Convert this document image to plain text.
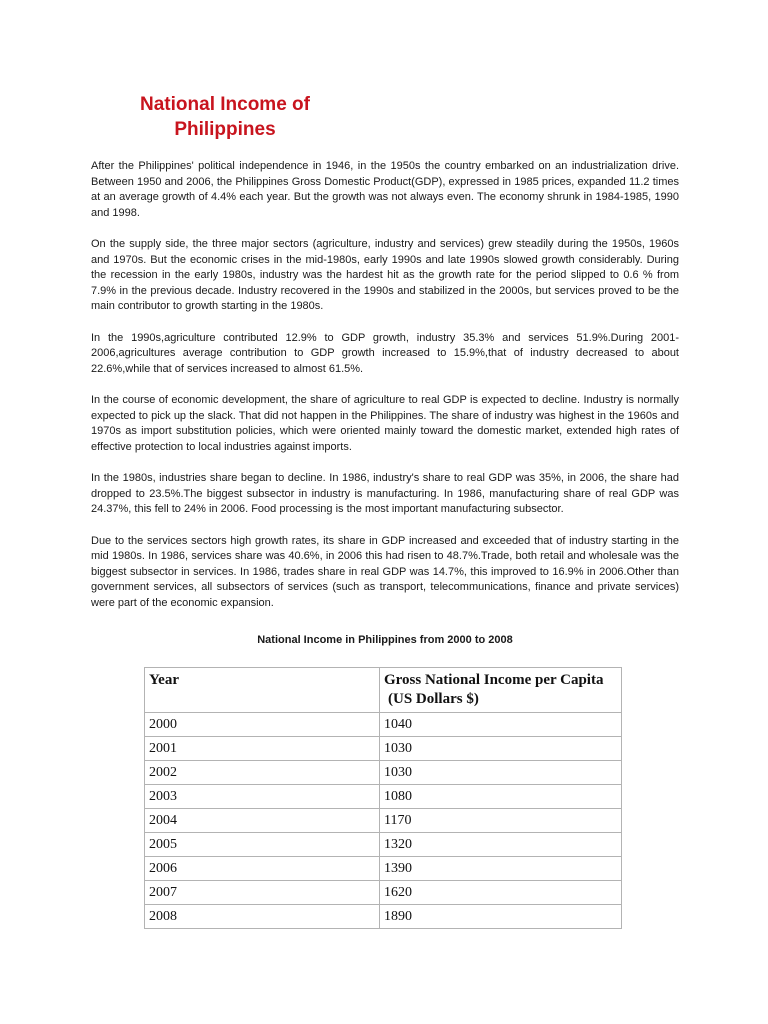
National Income of
Philippines

After the Philippines' political independence in 1946, in the 1950s the country embarked on an industrialization drive. Between 1950 and 2006, the Philippines Gross Domestic Product(GDP), expressed in 1985 prices, expanded 11.2 times at an average growth of 4.4% each year. But the growth was not always even. The economy shrunk in 1984-1985, 1990 and 1998.

On the supply side, the three major sectors (agriculture, industry and services) grew steadily during the 1950s, 1960s and 1970s. But the economic crises in the mid-1980s, early 1990s and late 1990s slowed growth considerably. During the recession in the early 1980s, industry was the hardest hit as the growth rate for the period slipped to 0.6 % from 7.9% in the previous decade. Industry recovered in the 1990s and stabilized in the 2000s, but services proved to be the main contributor to growth starting in the 1980s.

In the 1990s,agriculture contributed 12.9% to GDP growth, industry 35.3% and services 51.9%.During 2001-2006,agricultures average contribution to GDP growth increased to 15.9%,that of industry decreased to about 22.6%,while that of services increased to almost 61.5%.

In the course of economic development, the share of agriculture to real GDP is expected to decline. Industry is normally expected to pick up the slack. That did not happen in the Philippines. The share of industry was highest in the 1960s and 1970s as import substitution policies, which were oriented mainly toward the domestic market, extended high rates of effective protection to local industries against imports.

In the 1980s, industries share began to decline. In 1986, industry's share to real GDP was 35%, in 2006, the share had dropped to 23.5%.The biggest subsector in industry is manufacturing. In 1986, manufacturing share of real GDP was 24.37%, this fell to 24% in 2006. Food processing is the most important manufacturing subsector.

Due to the services sectors high growth rates, its share in GDP increased and exceeded that of industry starting in the mid 1980s. In 1986, services share was 40.6%, in 2006 this had risen to 48.7%.Trade, both retail and wholesale was the biggest subsector in services. In 1986, trades share in real GDP was 14.7%, this improved to 16.9% in 2006.Other than government services, all subsectors of services (such as transport, telecommunications, finance and private services) were part of the economic expansion.

National Income in Philippines from 2000 to 2008
Year	Gross National Income per Capita
(US Dollars $)
2000	1040
2001	1030
2002	1030
2003	1080
2004	1170
2005	1320
2006	1390
2007	1620
2008	1890
